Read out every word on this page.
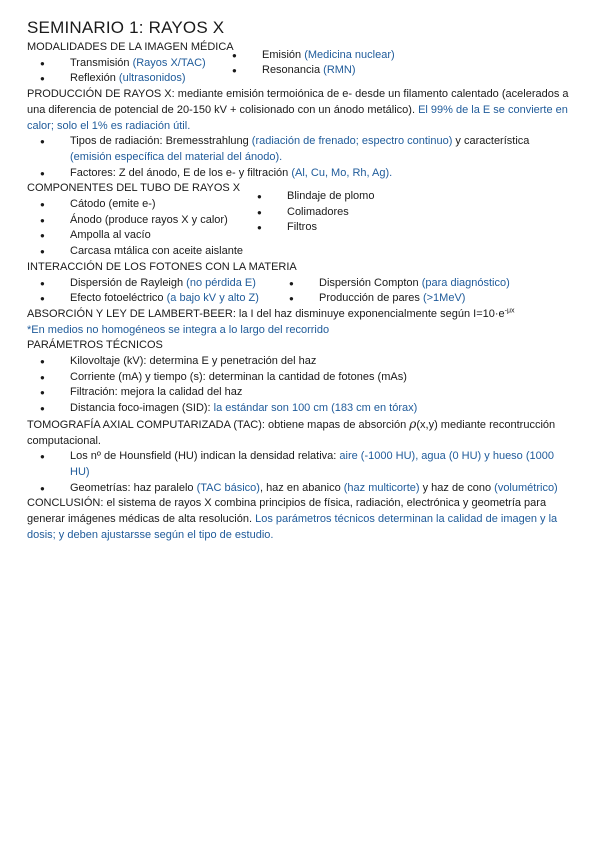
SEMINARIO 1: RAYOS X
MODALIDADES DE LA IMAGEN MÉDICA
● Transmisión (Rayos X/TAC)
● Reflexión (ultrasonidos)
● Emisión (Medicina nuclear)
● Resonancia (RMN)

PRODUCCIÓN DE RAYOS X: mediante emisión termoiónica de e- desde un filamento calentado (acelerados a una diferencia de potencial de 20-150 kV + colisionado con un ánodo metálico). El 99% de la E se convierte en calor; solo el 1% es radiación útil.

● Tipos de radiación: Bremesstrahlung (radiación de frenado; espectro continuo) y característica (emisión específica del material del ánodo).
● Factores: Z del ánodo, E de los e- y filtración (Al, Cu, Mo, Rh, Ag).
COMPONENTES DEL TUBO DE RAYOS X
● Cátodo (emite e-)
● Ánodo (produce rayos X y calor)
● Ampolla al vacío
● Carcasa mtálica con aceite aislante
● Blindaje de plomo
● Colimadores
● Filtros
INTERACCIÓN DE LOS FOTONES CON LA MATERIA
● Dispersión de Rayleigh (no pérdida E)
● Efecto fotoeléctrico (a bajo kV y alto Z)
● Dispersión Compton (para diagnóstico)
● Producción de pares (>1MeV)

ABSORCIÓN Y LEY DE LAMBERT-BEER: la I del haz disminuye exponencialmente según $I=10\cdot e^{-\mu x}$

*En medios no homogéneos se integra a lo largo del recorrido

PARÁMETROS TÉCNICOS
● Kilovoltaje (kV): determina E y penetración del haz
● Corriente (mA) y tiempo (s): determinan la cantidad de fotones (mAs)
● Filtración: mejora la calidad del haz
● Distancia foco-imagen (SID): la estándar son 100 cm (183 cm en tórax)

TOMOGRAFÍA AXIAL COMPUTARIZADA (TAC): obtiene mapas de absorción ρ(x,y) mediante recontrucción computacional.

● Los nº de Hounsfield (HU) indican la densidad relativa: aire (-1000 HU), agua (0 HU) y hueso (1000 HU)
● Geometrías: haz paralelo (TAC básico), haz en abanico (haz multicorte) y haz de cono (volumétrico)

CONCLUSIÓN: el sistema de rayos X combina principios de física, radiación, electrónica y geometría para generar imágenes médicas de alta resolución. Los parámetros técnicos determinan la calidad de imagen y la dosis; y deben ajustarsse según el tipo de estudio.
